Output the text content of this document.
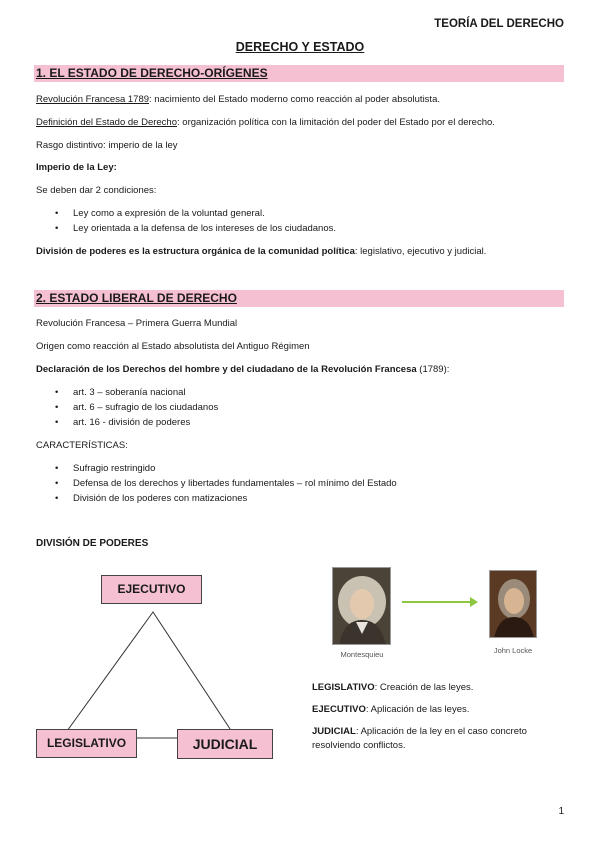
TEORÍA DEL DERECHO
DERECHO Y ESTADO
1. EL ESTADO DE DERECHO-ORÍGENES
Revolución Francesa 1789: nacimiento del Estado moderno como reacción al poder absolutista.
Definición del Estado de Derecho: organización política con la limitación del poder del Estado por el derecho.
Rasgo distintivo: imperio de la ley
Imperio de la Ley:
Se deben dar 2 condiciones:
• Ley como a expresión de la voluntad general.
• Ley orientada a la defensa de los intereses de los ciudadanos.
División de poderes es la estructura orgánica de la comunidad política: legislativo, ejecutivo y judicial.
2. ESTADO LIBERAL DE DERECHO
Revolución Francesa – Primera Guerra Mundial
Origen como reacción al Estado absolutista del Antiguo Régimen
Declaración de los Derechos del hombre y del ciudadano de la Revolución Francesa (1789):
• art. 3 – soberanía nacional
• art. 6 – sufragio de los ciudadanos
• art. 16 - división de poderes
CARACTERÍSTICAS:
• Sufragio restringido
• Defensa de los derechos y libertades fundamentales – rol mínimo del Estado
• División de los poderes con matizaciones
DIVISIÓN DE PODERES
EJECUTIVO
LEGISLATIVO	JUDICIAL
Montesquieu	John Locke
LEGISLATIVO: Creación de las leyes.
EJECUTIVO: Aplicación de las leyes.
JUDICIAL: Aplicación de la ley en el caso concreto resolviendo conflictos.
1
